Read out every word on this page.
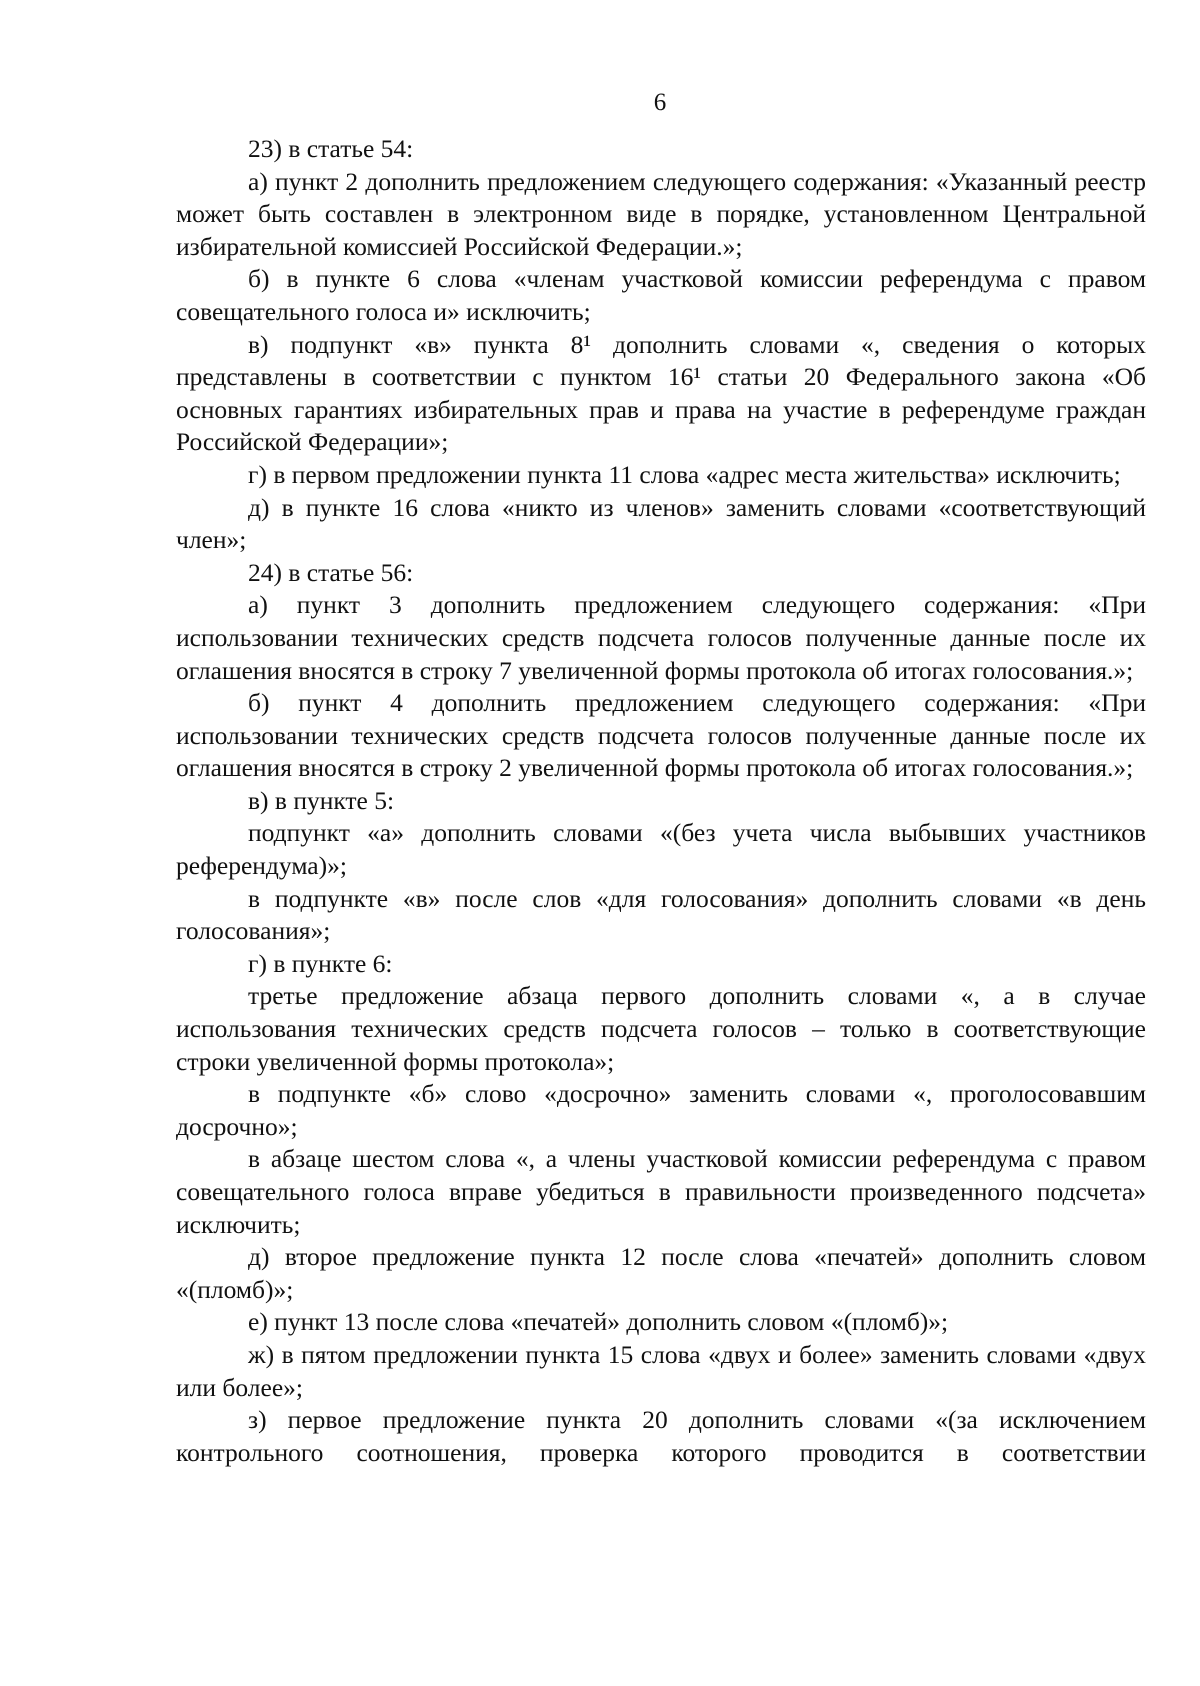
6

23) в статье 54:

а) пункт 2 дополнить предложением следующего содержания: «Указанный реестр может быть составлен в электронном виде в порядке, установленном Центральной избирательной комиссией Российской Федерации.»;

б) в пункте 6 слова «членам участковой комиссии референдума с правом совещательного голоса и» исключить;

в) подпункт «в» пункта 8¹ дополнить словами «, сведения о которых представлены в соответствии с пунктом 16¹ статьи 20 Федерального закона «Об основных гарантиях избирательных прав и права на участие в референдуме граждан Российской Федерации»;

г) в первом предложении пункта 11 слова «адрес места жительства» исключить;

д) в пункте 16 слова «никто из членов» заменить словами «соответствующий член»;

24) в статье 56:

а) пункт 3 дополнить предложением следующего содержания: «При использовании технических средств подсчета голосов полученные данные после их оглашения вносятся в строку 7 увеличенной формы протокола об итогах голосования.»;

б) пункт 4 дополнить предложением следующего содержания: «При использовании технических средств подсчета голосов полученные данные после их оглашения вносятся в строку 2 увеличенной формы протокола об итогах голосования.»;

в) в пункте 5:

подпункт «а» дополнить словами «(без учета числа выбывших участников референдума)»;

в подпункте «в» после слов «для голосования» дополнить словами «в день голосования»;

г) в пункте 6:

третье предложение абзаца первого дополнить словами «, а в случае использования технических средств подсчета голосов – только в соответствующие строки увеличенной формы протокола»;

в подпункте «б» слово «досрочно» заменить словами «, проголосовавшим досрочно»;

в абзаце шестом слова «, а члены участковой комиссии референдума с правом совещательного голоса вправе убедиться в правильности произведенного подсчета» исключить;

д) второе предложение пункта 12 после слова «печатей» дополнить словом «(пломб)»;

е) пункт 13 после слова «печатей» дополнить словом «(пломб)»;

ж) в пятом предложении пункта 15 слова «двух и более» заменить словами «двух или более»;

з) первое предложение пункта 20 дополнить словами «(за исключением контрольного соотношения, проверка которого проводится в соответствии
